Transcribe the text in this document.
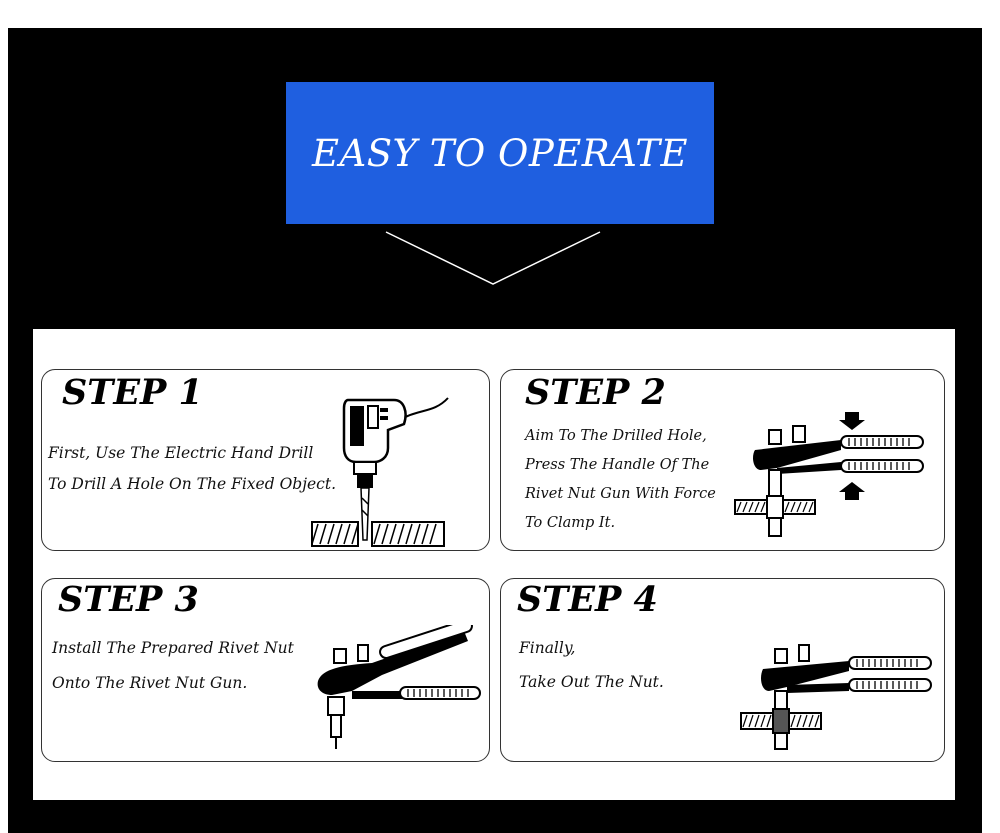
EASY TO OPERATE
STEP 1
First, Use The Electric Hand Drill
To Drill A Hole On The Fixed Object.
STEP 2
Aim To The Drilled Hole,
Press The Handle Of The
Rivet Nut Gun With Force
To Clamp It.
STEP 3
Install The Prepared Rivet Nut
Onto The Rivet Nut Gun.
STEP 4
Finally,
Take Out The Nut.
